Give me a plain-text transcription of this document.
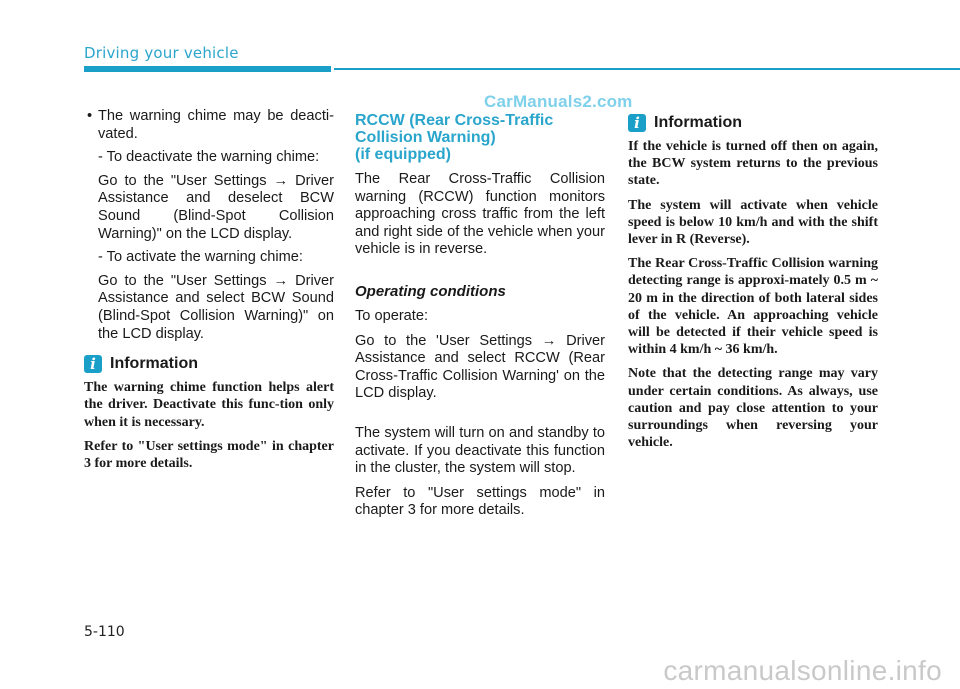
Driving your vehicle
CarManuals2.com

• The warning chime may be deacti-vated.

- To deactivate the warning chime:

Go to the "User Settings → Driver Assistance and deselect BCW Sound (Blind-Spot Collision Warning)" on the LCD display.

- To activate the warning chime:

Go to the "User Settings → Driver Assistance and select BCW Sound (Blind-Spot Collision Warning)" on the LCD display.

i Information

The warning chime function helps alert the driver. Deactivate this func-tion only when it is necessary.

Refer to "User settings mode" in chapter 3 for more details.

RCCW (Rear Cross-Traffic
Collision Warning)
(if equipped)

The Rear Cross-Traffic Collision warning (RCCW) function monitors approaching cross traffic from the left and right side of the vehicle when your vehicle is in reverse.

Operating conditions

To operate:

Go to the 'User Settings → Driver Assistance and select RCCW (Rear Cross-Traffic Collision Warning' on the LCD display.

The system will turn on and standby to activate. If you deactivate this function in the cluster, the system will stop.

Refer to "User settings mode" in chapter 3 for more details.

i Information

If the vehicle is turned off then on again, the BCW system returns to the previous state.

The system will activate when vehicle speed is below 10 km/h and with the shift lever in R (Reverse).

The Rear Cross-Traffic Collision warning detecting range is approxi-mately 0.5 m ~ 20 m in the direction of both lateral sides of the vehicle. An approaching vehicle will be detected if their vehicle speed is within 4 km/h ~ 36 km/h.

Note that the detecting range may vary under certain conditions. As always, use caution and pay close attention to your surroundings when reversing your vehicle.

5-110
carmanualsonline.info
